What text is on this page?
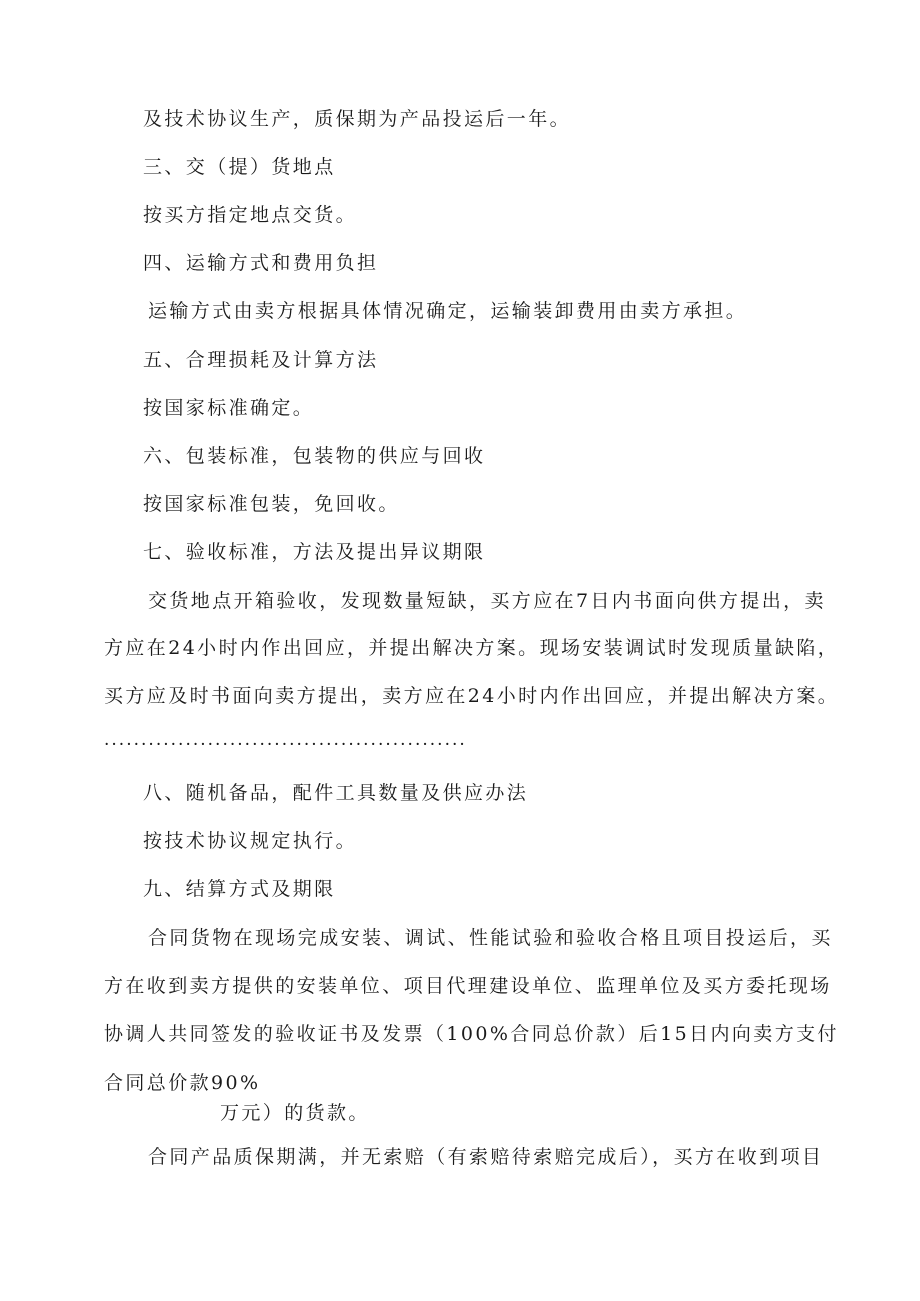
及技术协议生产，质保期为产品投运后一年。

三、交（提）货地点

按买方指定地点交货。

四、运输方式和费用负担

运输方式由卖方根据具体情况确定，运输装卸费用由卖方承担。

五、合理损耗及计算方法

按国家标准确定。

六、包装标准，包装物的供应与回收

按国家标准包装，免回收。

七、验收标准，方法及提出异议期限

交货地点开箱验收，发现数量短缺，买方应在7日内书面向供方提出，卖

方应在24小时内作出回应，并提出解决方案。现场安装调试时发现质量缺陷，

买方应及时书面向卖方提出，卖方应在24小时内作出回应，并提出解决方案。

·················································

八、随机备品，配件工具数量及供应办法

按技术协议规定执行。

九、结算方式及期限

合同货物在现场完成安装、调试、性能试验和验收合格且项目投运后，买

方在收到卖方提供的安装单位、项目代理建设单位、监理单位及买方委托现场

协调人共同签发的验收证书及发票（100%合同总价款）后15日内向卖方支付

合同总价款90%

万元）的货款。

合同产品质保期满，并无索赔（有索赔待索赔完成后），买方在收到项目
